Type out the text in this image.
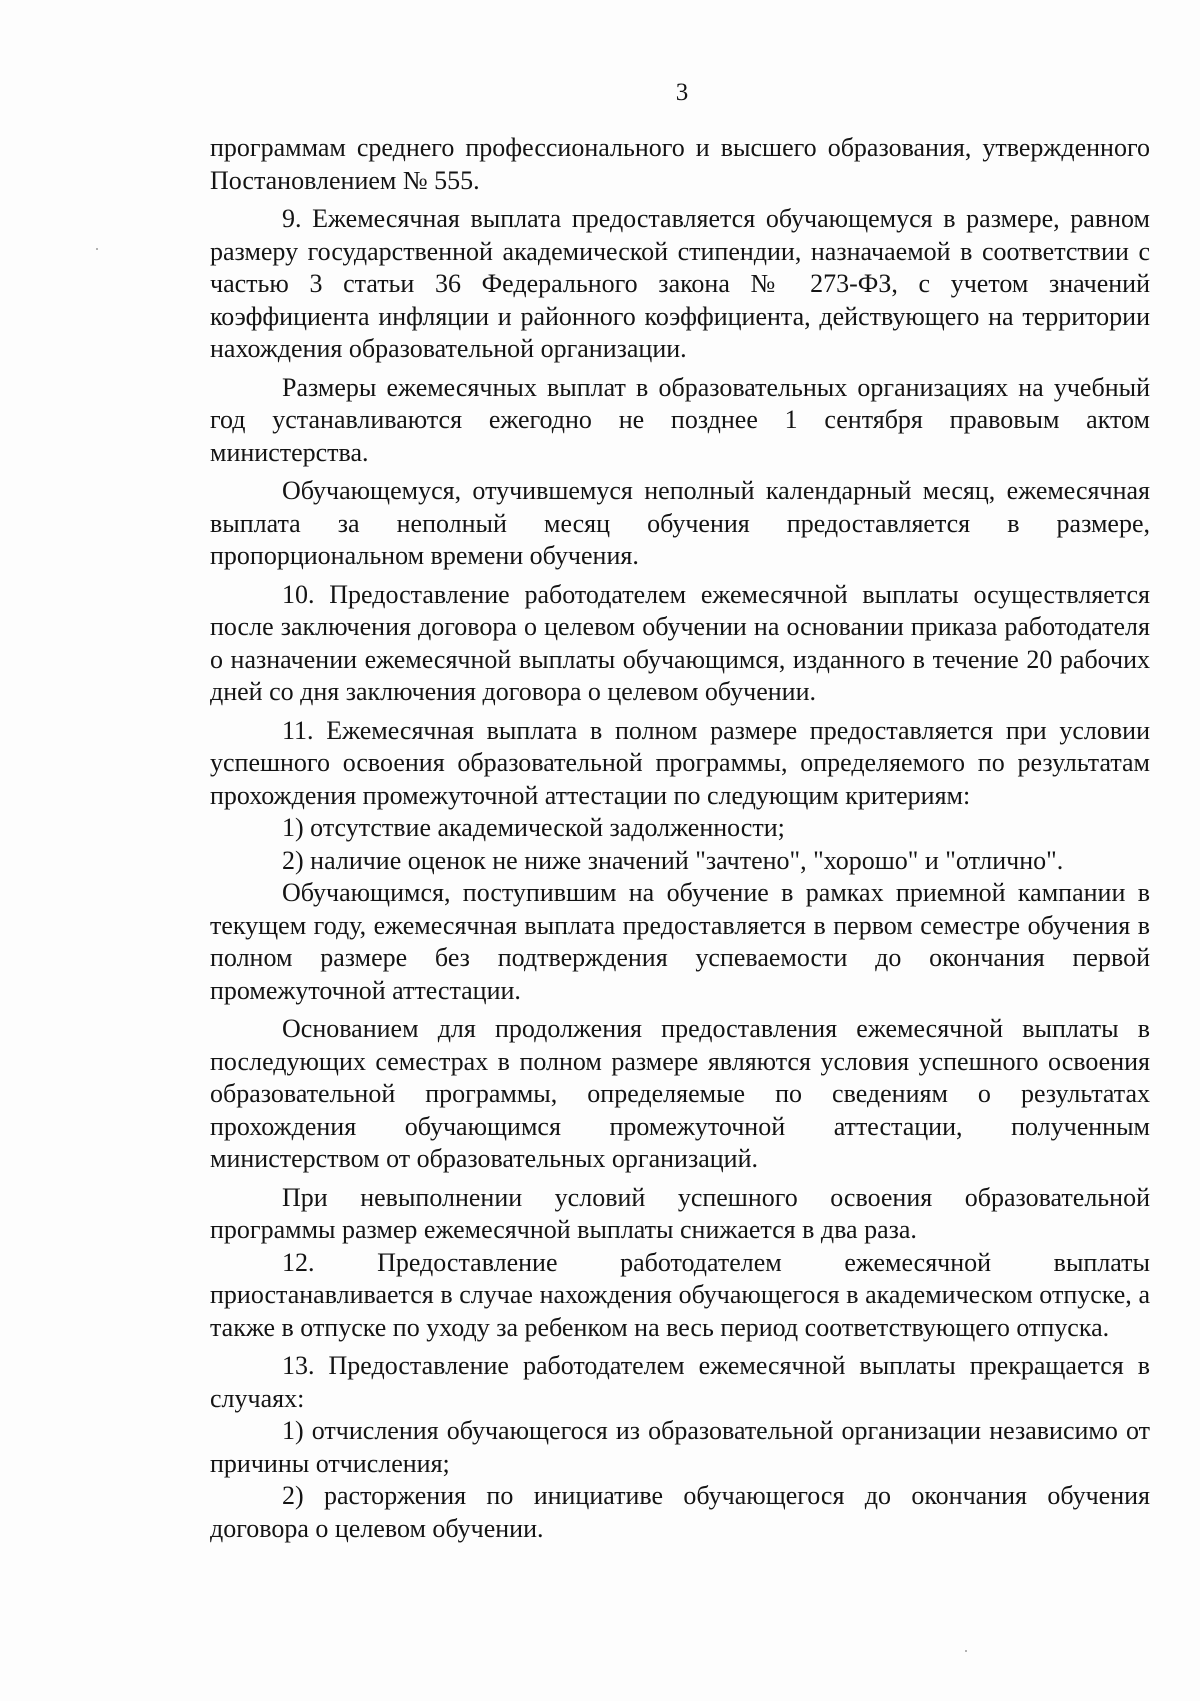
3

программам среднего профессионального и высшего образования, утвержденного Постановлением № 555.

9. Ежемесячная выплата предоставляется обучающемуся в размере, равном размеру государственной академической стипендии, назначаемой в соответствии с частью 3 статьи 36 Федерального закона № 273-ФЗ, с учетом значений коэффициента инфляции и районного коэффициента, действующего на территории нахождения образовательной организации.

Размеры ежемесячных выплат в образовательных организациях на учебный год устанавливаются ежегодно не позднее 1 сентября правовым актом министерства.

Обучающемуся, отучившемуся неполный календарный месяц, ежемесячная выплата за неполный месяц обучения предоставляется в размере, пропорциональном времени обучения.

10. Предоставление работодателем ежемесячной выплаты осуществляется после заключения договора о целевом обучении на основании приказа работодателя о назначении ежемесячной выплаты обучающимся, изданного в течение 20 рабочих дней со дня заключения договора о целевом обучении.

11. Ежемесячная выплата в полном размере предоставляется при условии успешного освоения образовательной программы, определяемого по результатам прохождения промежуточной аттестации по следующим критериям:

1) отсутствие академической задолженности;

2) наличие оценок не ниже значений "зачтено", "хорошо" и "отлично".

Обучающимся, поступившим на обучение в рамках приемной кампании в текущем году, ежемесячная выплата предоставляется в первом семестре обучения в полном размере без подтверждения успеваемости до окончания первой промежуточной аттестации.

Основанием для продолжения предоставления ежемесячной выплаты в последующих семестрах в полном размере являются условия успешного освоения образовательной программы, определяемые по сведениям о результатах прохождения обучающимся промежуточной аттестации, полученным министерством от образовательных организаций.

При невыполнении условий успешного освоения образовательной программы размер ежемесячной выплаты снижается в два раза.

12. Предоставление работодателем ежемесячной выплаты приостанавливается в случае нахождения обучающегося в академическом отпуске, а также в отпуске по уходу за ребенком на весь период соответствующего отпуска.

13. Предоставление работодателем ежемесячной выплаты прекращается в случаях:

1) отчисления обучающегося из образовательной организации независимо от причины отчисления;

2) расторжения по инициативе обучающегося до окончания обучения договора о целевом обучении.
